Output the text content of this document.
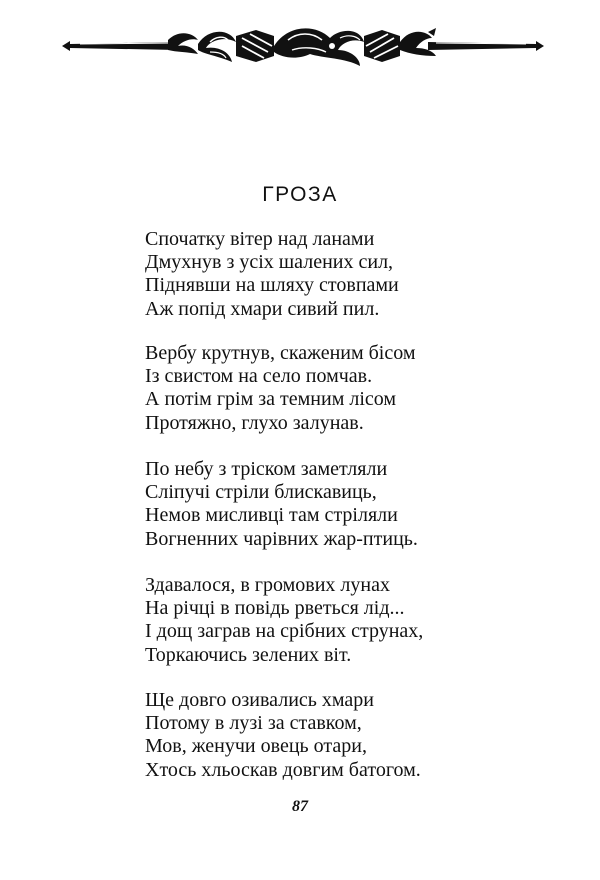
ГРОЗА
Спочатку вітер над ланами
Дмухнув з усіх шалених сил,
Піднявши на шляху стовпами
Аж попід хмари сивий пил.
Вербу крутнув, скаженим бісом
Із свистом на село помчав.
А потім грім за темним лісом
Протяжно, глухо залунав.
По небу з тріском заметляли
Сліпучі стріли блискавиць,
Немов мисливці там стріляли
Вогненних чарівних жар-птиць.
Здавалося, в громових лунах
На річці в повідь рветься лід...
І дощ заграв на срібних струнах,
Торкаючись зелених віт.
Ще довго озивались хмари
Потому в лузі за ставком,
Мов, женучи овець отари,
Хтось хльоскав довгим батогом.
87
